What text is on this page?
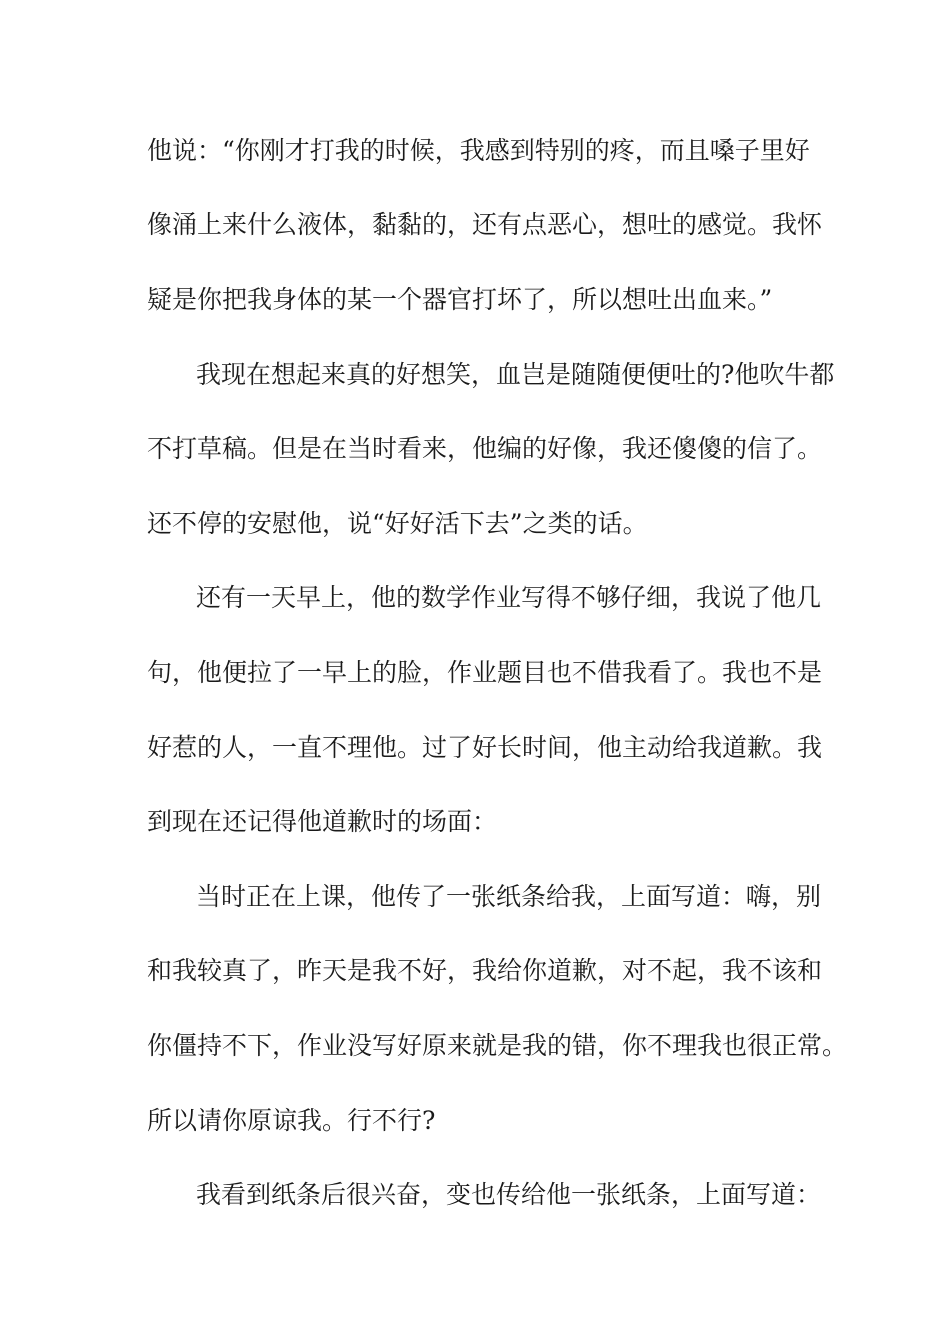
他说：“你刚才打我的时候，我感到特别的疼，而且嗓子里好
像涌上来什么液体，黏黏的，还有点恶心，想吐的感觉。我怀
疑是你把我身体的某一个器官打坏了，所以想吐出血来。”
我现在想起来真的好想笑，血岂是随随便便吐的?他吹牛都
不打草稿。但是在当时看来，他编的好像，我还傻傻的信了。
还不停的安慰他，说“好好活下去”之类的话。
还有一天早上，他的数学作业写得不够仔细，我说了他几
句，他便拉了一早上的脸，作业题目也不借我看了。我也不是
好惹的人，一直不理他。过了好长时间，他主动给我道歉。我
到现在还记得他道歉时的场面：
当时正在上课，他传了一张纸条给我，上面写道：嗨，别
和我较真了，昨天是我不好，我给你道歉，对不起，我不该和
你僵持不下，作业没写好原来就是我的错，你不理我也很正常。
所以请你原谅我。行不行?
我看到纸条后很兴奋，变也传给他一张纸条，上面写道：
